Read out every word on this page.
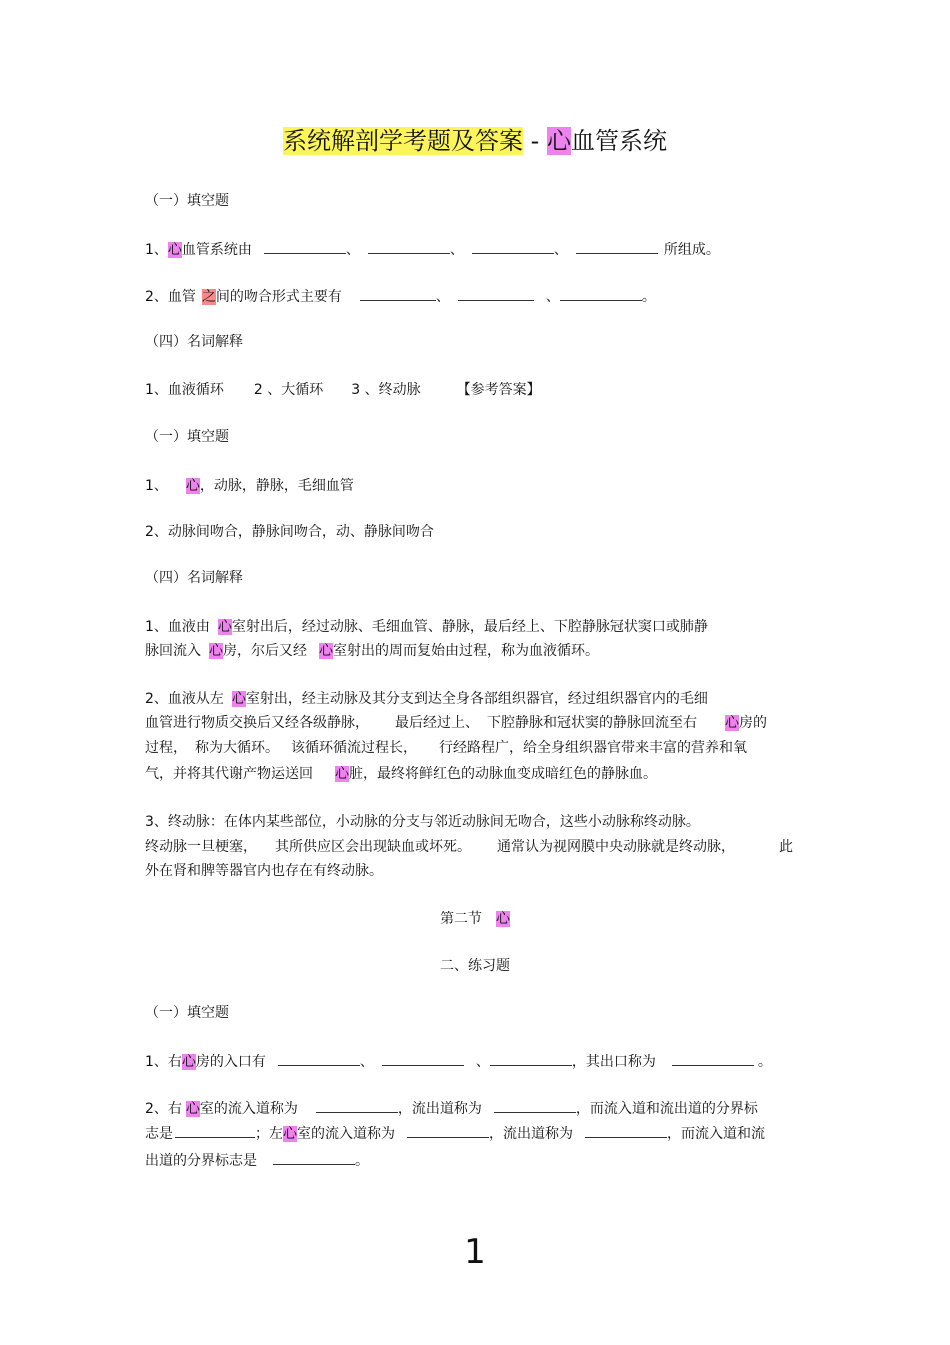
系统解剖学考题及答案 - 心血管系统
（一）填空题
1、心血管系统由	、	、	、	所组成。
2、血管 之间的吻合形式主要有	、	、	。
（四）名词解释
1、血液循环 2 、大循环 3 、终动脉	【参考答案】
（一）填空题
1、 心，动脉，静脉，毛细血管
2、动脉间吻合，静脉间吻合，动、静脉间吻合
（四）名词解释
1、血液由 心室射出后，经过动脉、毛细血管、静脉，最后经上、下腔静脉冠状窦口或肺静
脉回流入 心房，尔后又经 心室射出的周而复始由过程，称为血液循环。
2、血液从左 心室射出，经主动脉及其分支到达全身各部组织器官，经过组织器官内的毛细
血管进行物质交换后又经各级静脉， 最后经过上、 下腔静脉和冠状窦的静脉回流至右 心房的
过程， 称为大循环。 该循环循流过程长， 行经路程广，给全身组织器官带来丰富的营养和氧
气，并将其代谢产物运送回 心脏，最终将鲜红色的动脉血变成暗红色的静脉血。
3、终动脉：在体内某些部位，小动脉的分支与邻近动脉间无吻合，这些小动脉称终动脉。
终动脉一旦梗塞， 其所供应区会出现缺血或坏死。 通常认为视网膜中央动脉就是终动脉，	此
外在肾和脾等器官内也存在有终动脉。
第二节 心
二、练习题
（一）填空题
1、右心房的入口有	、	、	，其出口称为	。
2、右 心室的流入道称为	，流出道称为	，而流入道和流出道的分界标
志是	；左心室的流入道称为	，流出道称为	，而流入道和流
出道的分界标志是	。
1
